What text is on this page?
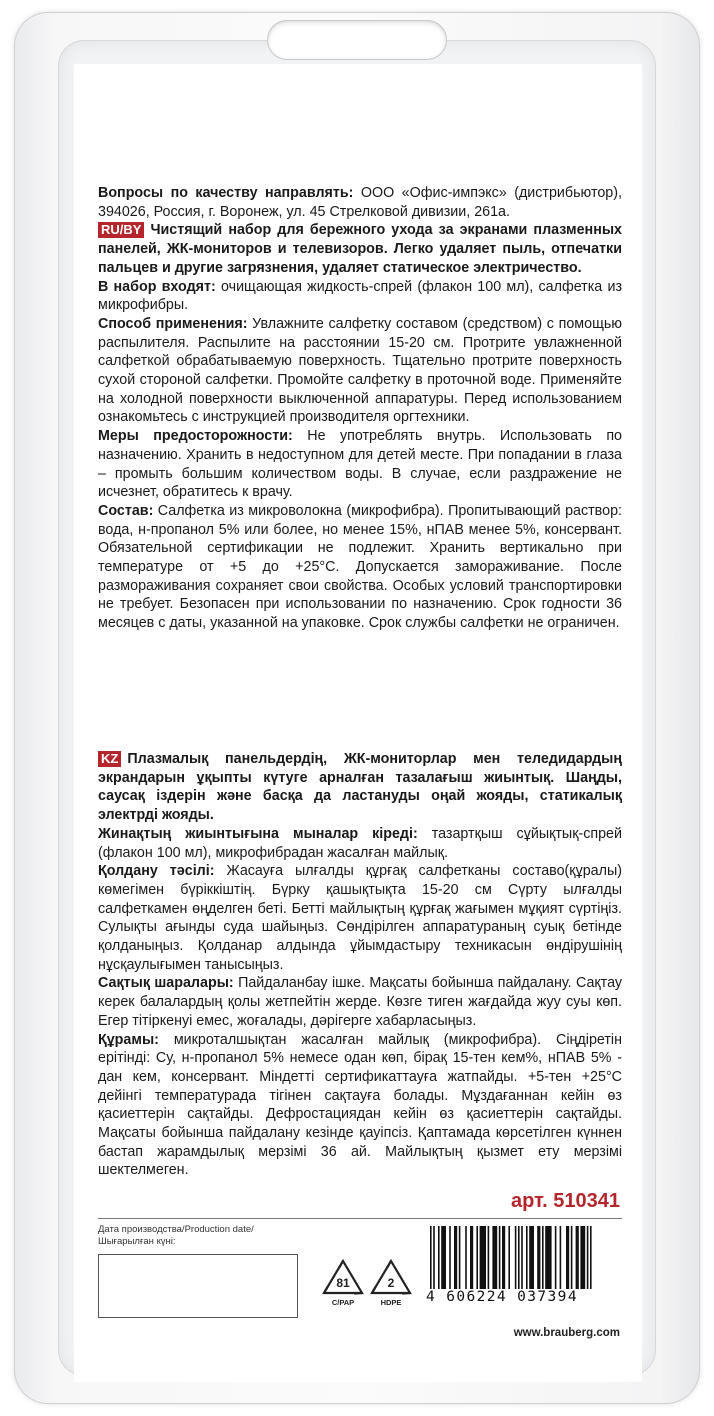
Вопросы по качеству направлять: ООО «Офис-импэкс» (дистрибьютор), 394026, Россия, г. Воронеж, ул. 45 Стрелковой дивизии, 261а.

RU/BY Чистящий набор для бережного ухода за экранами плазменных панелей, ЖК-мониторов и телевизоров. Легко удаляет пыль, отпечатки пальцев и другие загрязнения, удаляет статическое электричество.

В набор входят: очищающая жидкость-спрей (флакон 100 мл), салфетка из микрофибры.

Способ применения: Увлажните салфетку составом (средством) с помощью распылителя. Распылите на расстоянии 15-20 см. Протрите увлажненной салфеткой обрабатываемую поверхность. Тщательно протрите поверхность сухой стороной салфетки. Промойте салфетку в проточной воде. Применяйте на холодной поверхности выключенной аппаратуры. Перед использованием ознакомьтесь с инструкцией производителя оргтехники.

Меры предосторожности: Не употреблять внутрь. Использовать по назначению. Хранить в недоступном для детей месте. При попадании в глаза – промыть большим количеством воды. В случае, если раздражение не исчезнет, обратитесь к врачу.

Состав: Салфетка из микроволокна (микрофибра). Пропитывающий раствор: вода, н-пропанол 5% или более, но менее 15%, нПАВ менее 5%, консервант. Обязательной сертификации не подлежит. Хранить вертикально при температуре от +5 до +25°C. Допускается замораживание. После размораживания сохраняет свои свойства. Особых условий транспортировки не требует. Безопасен при использовании по назначению. Срок годности 36 месяцев с даты, указанной на упаковке. Срок службы салфетки не ограничен.

KZ Плазмалық панельдердің, ЖК-мониторлар мен теледидардың экрандарын ұқыпты күтуге арналған тазалағыш жиынтық. Шаңды, саусақ іздерін және басқа да ластануды оңай жояды, статикалық электрді жояды.

Жинақтың жиынтығына мыналар кіреді: тазартқыш сұйықтық-спрей (флакон 100 мл), микрофибрадан жасалған майлық.

Қолдану тәсілі: Жасауға ылғалды құрғақ салфетканы составо(құралы) көмегімен бүріккіштің. Бүрку қашықтықта 15-20 см Сүрту ылғалды салфеткамен өңделген беті. Бетті майлықтың құрғақ жағымен мұқият сүртіңіз. Сулықты ағынды суда шайыңыз. Сөндірілген аппаратураның суық бетінде қолданыңыз. Қолданар алдында ұйымдастыру техникасын өндірушінің нұсқаулығымен танысыңыз.

Сақтық шаралары: Пайдаланбау ішке. Мақсаты бойынша пайдалану. Сақтау керек балалардың қолы жетпейтін жерде. Көзге тиген жағдайда жуу суы көп. Егер тітіркенуі емес, жоғалады, дәрігерге хабарласыңыз.

Құрамы: микроталшықтан жасалған майлық (микрофибра). Сіңдіретін ерітінді: Су, н-пропанол 5% немесе одан көп, бірақ 15-тен кем%, нПАВ 5% - дан кем, консервант. Міндетті сертификаттауға жатпайды. +5-тен +25°C дейінгі температурада тігінен сақтауға болады. Мұздағаннан кейін өз қасиеттерін сақтайды. Дефростациядан кейін өз қасиеттерін сақтайды. Мақсаты бойынша пайдалану кезінде қауіпсіз. Қаптамада көрсетілген күннен бастап жарамдылық мерзімі 36 ай. Майлықтың қызмет ету мерзімі шектелмеген.

арт. 510341
Дата производства/Production date/
Шығарылған күні:
81
C/PAP
2
HDPE	4 606224 037394
www.brauberg.com
